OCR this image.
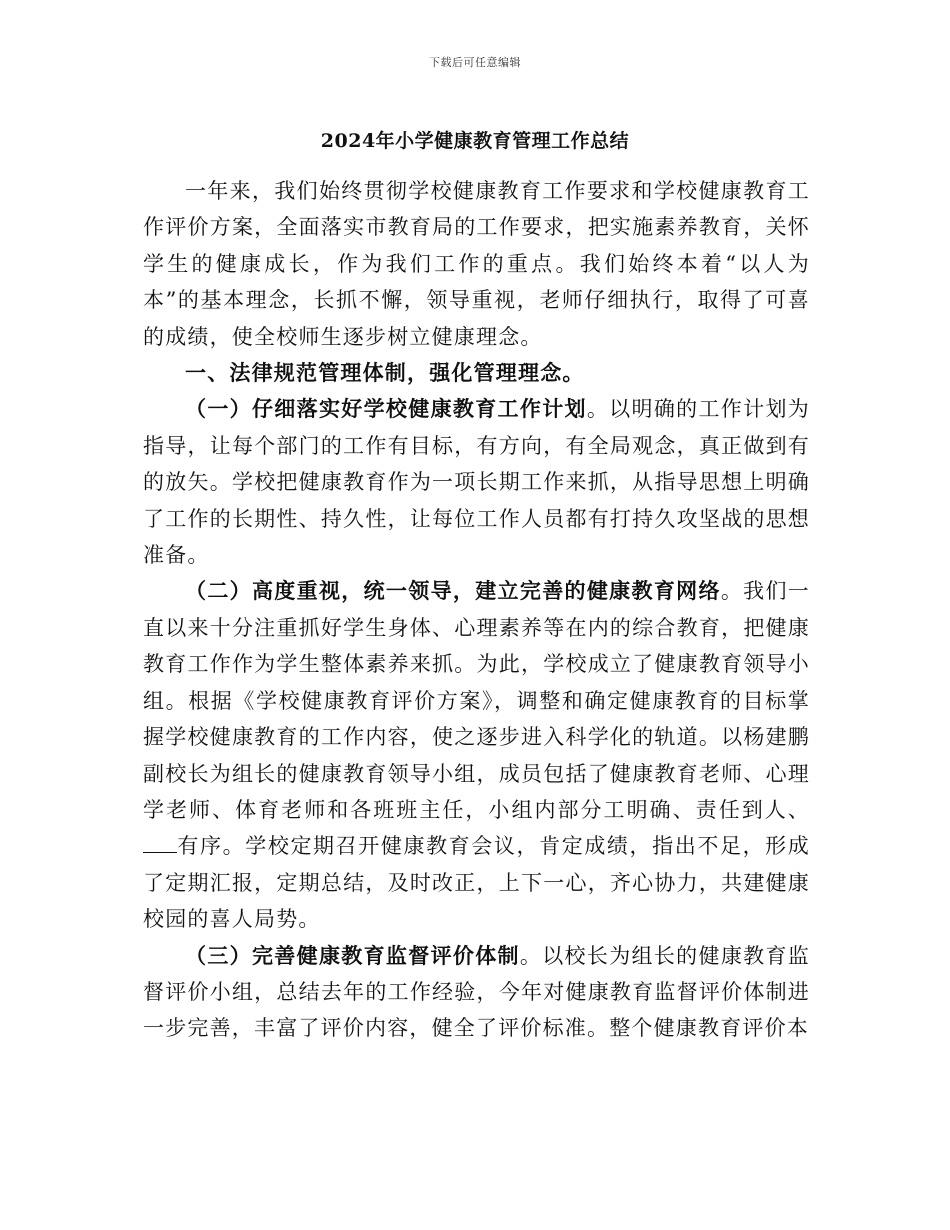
下载后可任意编辑
2024年小学健康教育管理工作总结

一年来，我们始终贯彻学校健康教育工作要求和学校健康教育工作评价方案，全面落实市教育局的工作要求，把实施素养教育，关怀学生的健康成长，作为我们工作的重点。我们始终本着“以人为本”的基本理念，长抓不懈，领导重视，老师仔细执行，取得了可喜的成绩，使全校师生逐步树立健康理念。

一、法律规范管理体制，强化管理理念。

（一）仔细落实好学校健康教育工作计划。以明确的工作计划为指导，让每个部门的工作有目标，有方向，有全局观念，真正做到有的放矢。学校把健康教育作为一项长期工作来抓，从指导思想上明确了工作的长期性、持久性，让每位工作人员都有打持久攻坚战的思想准备。

（二）高度重视，统一领导，建立完善的健康教育网络。我们一直以来十分注重抓好学生身体、心理素养等在内的综合教育，把健康教育工作作为学生整体素养来抓。为此，学校成立了健康教育领导小组。根据《学校健康教育评价方案》，调整和确定健康教育的目标掌握学校健康教育的工作内容，使之逐步进入科学化的轨道。以杨建鹏副校长为组长的健康教育领导小组，成员包括了健康教育老师、心理学老师、体育老师和各班班主任，小组内部分工明确、责任到人、有序。学校定期召开健康教育会议，肯定成绩，指出不足，形成了定期汇报，定期总结，及时改正，上下一心，齐心协力，共建健康校园的喜人局势。

（三）完善健康教育监督评价体制。以校长为组长的健康教育监督评价小组，总结去年的工作经验，今年对健康教育监督评价体制进一步完善，丰富了评价内容，健全了评价标准。整个健康教育评价本
